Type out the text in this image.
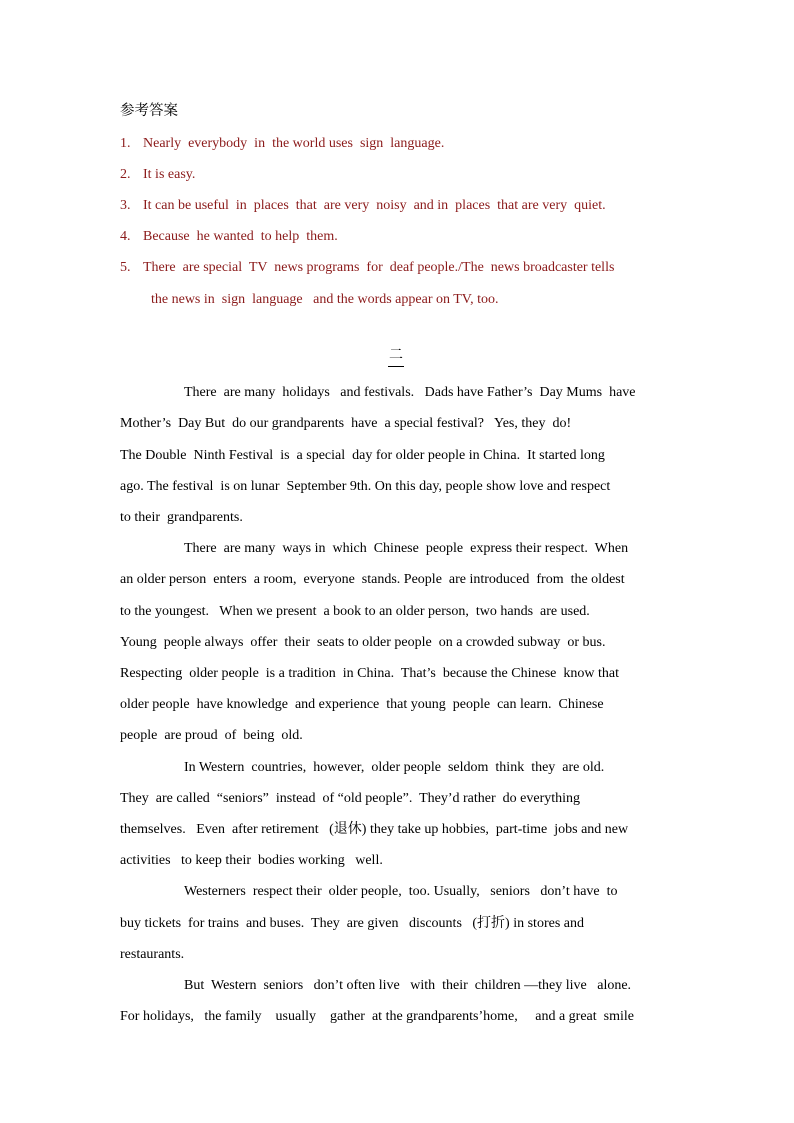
参考答案

1. Nearly  everybody  in  the world uses  sign  language.

2. It is easy.

3. It can be useful  in  places  that  are very  noisy  and in  places  that are very  quiet.

4. Because  he wanted  to help  them.

5. There  are special  TV  news programs  for  deaf people./The  news broadcaster tells

the news in  sign  language   and the words appear on TV, too.

二

There  are many  holidays   and festivals.   Dads have Father’s  Day Mums  have

Mother’s  Day But  do our grandparents  have  a special festival?   Yes, they  do!

The Double  Ninth Festival  is  a special  day for older people in China.  It started long

ago. The festival  is on lunar  September 9th. On this day, people show love and respect

to their  grandparents.

There  are many  ways in  which  Chinese  people  express their respect.  When

an older person  enters  a room,  everyone  stands. People  are introduced  from  the oldest

to the youngest.   When we present  a book to an older person,  two hands  are used.

Young  people always  offer  their  seats to older people  on a crowded subway  or bus.

Respecting  older people  is a tradition  in China.  That’s  because the Chinese  know that

older people  have knowledge  and experience  that young  people  can learn.  Chinese

people  are proud  of  being  old.

In Western  countries,  however,  older people  seldom  think  they  are old.

They  are called  “seniors”  instead  of “old people”.  They’d rather  do everything

themselves.   Even  after retirement   (退休) they take up hobbies,  part-time  jobs and new

activities   to keep their  bodies working   well.

Westerners  respect their  older people,  too. Usually,   seniors   don’t have  to

buy tickets  for trains  and buses.  They  are given   discounts   (打折) in stores and

restaurants.

But  Western  seniors   don’t often live   with  their  children —they live   alone.

For holidays,   the family    usually    gather  at the grandparents’home,     and a great  smile
